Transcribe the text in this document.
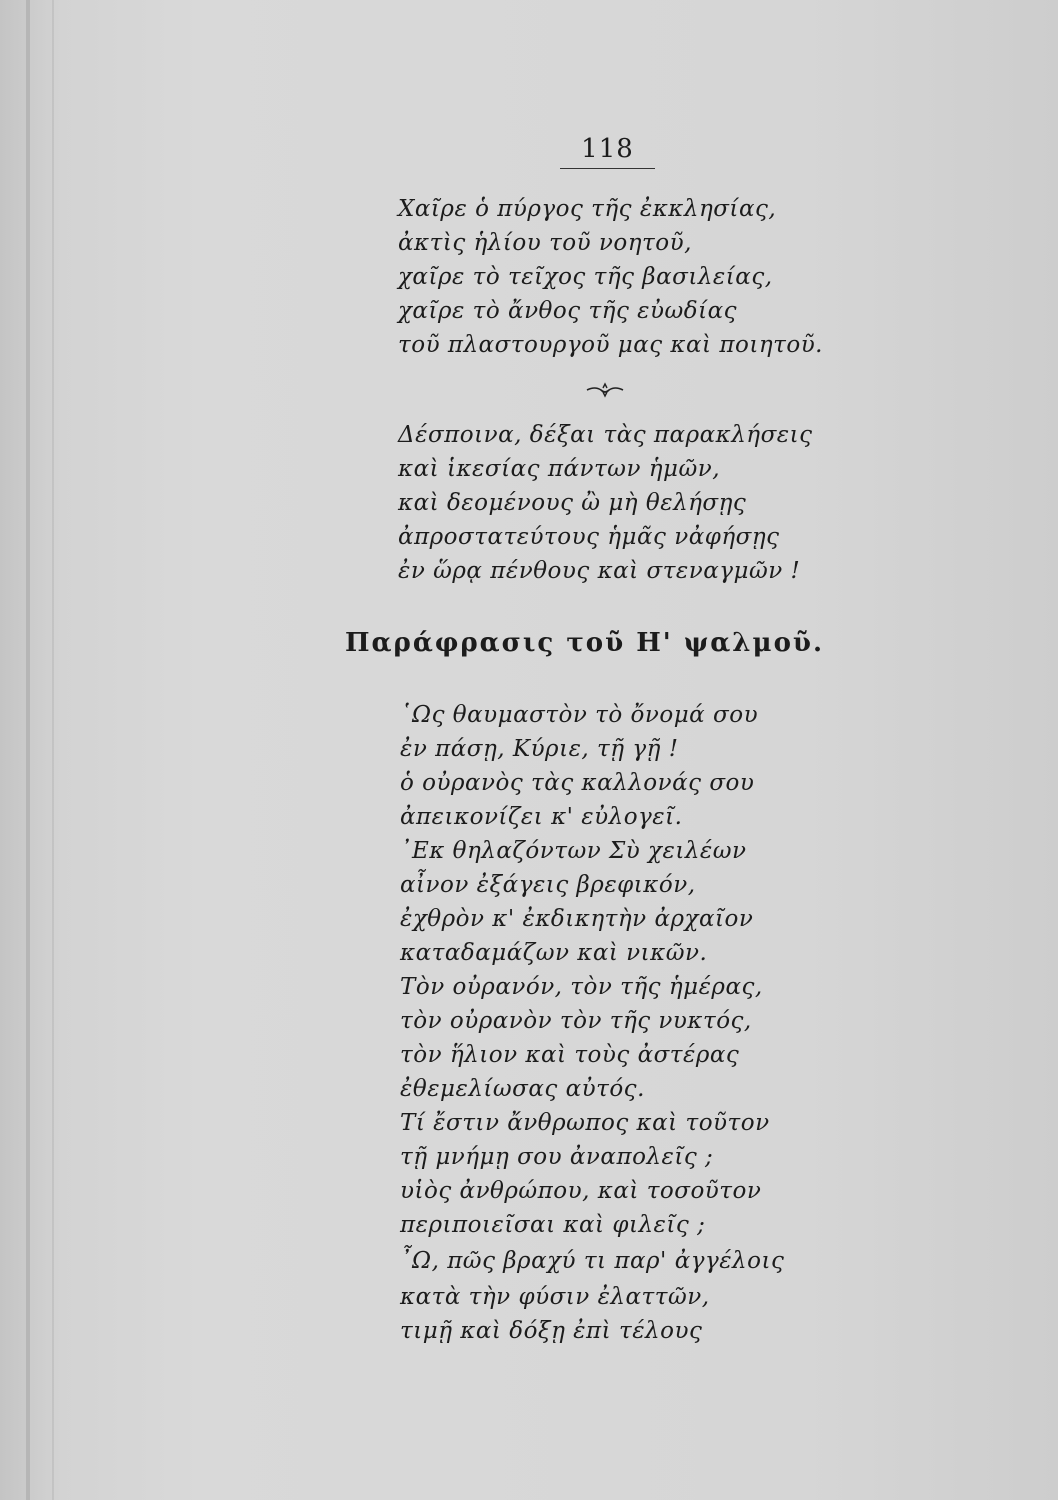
118
Χαῖρε ὁ πύργος τῆς ἐκκλησίας,
ἀκτὶς ἡλίου τοῦ νοητοῦ,
χαῖρε τὸ τεῖχος τῆς βασιλείας,
χαῖρε τὸ ἄνθος τῆς εὐωδίας
τοῦ πλαστουργοῦ μας καὶ ποιητοῦ.
Δέσποινα, δέξαι τὰς παρακλήσεις
καὶ ἱκεσίας πάντων ἡμῶν,
καὶ δεομένους ὢ μὴ θελήσῃς
ἀπροστατεύτους ἡμᾶς νἀφήσῃς
ἐν ὥρᾳ πένθους καὶ στεναγμῶν !
Παράφρασις τοῦ Η' ψαλμοῦ.
῾Ως θαυμαστὸν τὸ ὄνομά σου
ἐν πάσῃ, Κύριε, τῇ γῇ !
ὁ οὐρανὸς τὰς καλλονάς σου
ἀπεικονίζει κ' εὐλογεῖ.
᾿Εκ θηλαζόντων Σὺ χειλέων
αἶνον ἐξάγεις βρεφικόν,
ἐχθρὸν κ' ἐκδικητὴν ἀρχαῖον
καταδαμάζων καὶ νικῶν.
Τὸν οὐρανόν, τὸν τῆς ἡμέρας,
τὸν οὐρανὸν τὸν τῆς νυκτός,
τὸν ἥλιον καὶ τοὺς ἀστέρας
ἐθεμελίωσας αὐτός.
Τί ἔστιν ἄνθρωπος καὶ τοῦτον
τῇ μνήμῃ σου ἀναπολεῖς ;
υἱὸς ἀνθρώπου, καὶ τοσοῦτον
περιποιεῖσαι καὶ φιλεῖς ;
῏Ω, πῶς βραχύ τι παρ' ἀγγέλοις
κατὰ τὴν φύσιν ἐλαττῶν,
τιμῇ καὶ δόξῃ ἐπὶ τέλους
